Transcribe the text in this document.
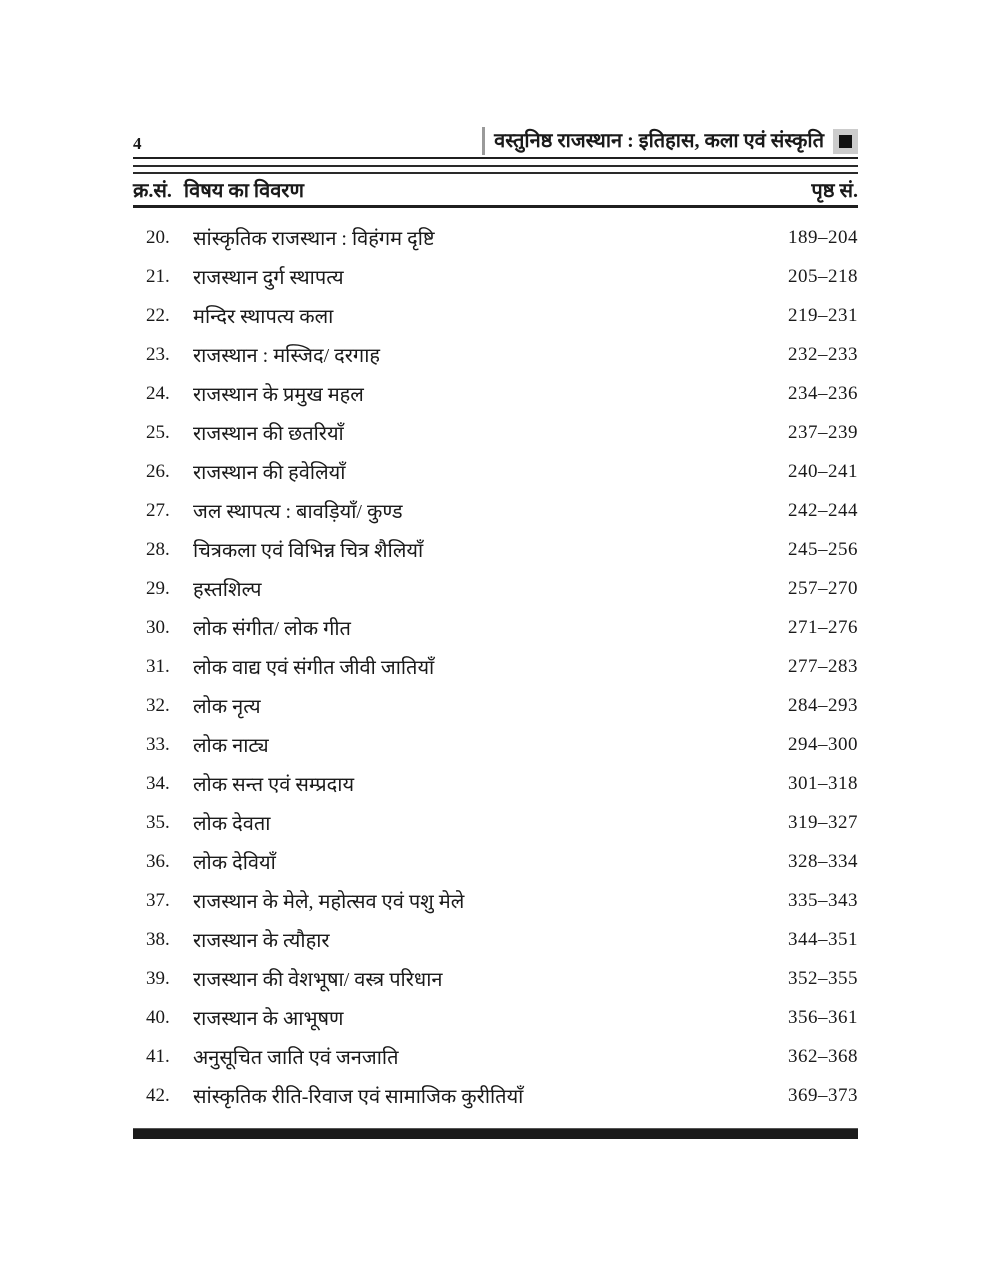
4	वस्तुनिष्ठ राजस्थान : इतिहास, कला एवं संस्कृति
क्र.सं. विषय का विवरण	पृष्ठ सं.
20.	सांस्कृतिक राजस्थान : विहंगम दृष्टि	189–204
21.	राजस्थान दुर्ग स्थापत्य	205–218
22.	मन्दिर स्थापत्य कला	219–231
23.	राजस्थान : मस्जिद/ दरगाह	232–233
24.	राजस्थान के प्रमुख महल	234–236
25.	राजस्थान की छतरियाँ	237–239
26.	राजस्थान की हवेलियाँ	240–241
27.	जल स्थापत्य : बावड़ियाँ/ कुण्ड	242–244
28.	चित्रकला एवं विभिन्न चित्र शैलियाँ	245–256
29.	हस्तशिल्प	257–270
30.	लोक संगीत/ लोक गीत	271–276
31.	लोक वाद्य एवं संगीत जीवी जातियाँ	277–283
32.	लोक नृत्य	284–293
33.	लोक नाट्य	294–300
34.	लोक सन्त एवं सम्प्रदाय	301–318
35.	लोक देवता	319–327
36.	लोक देवियाँ	328–334
37.	राजस्थान के मेले, महोत्सव एवं पशु मेले	335–343
38.	राजस्थान के त्यौहार	344–351
39.	राजस्थान की वेशभूषा/ वस्त्र परिधान	352–355
40.	राजस्थान के आभूषण	356–361
41.	अनुसूचित जाति एवं जनजाति	362–368
42.	सांस्कृतिक रीति-रिवाज एवं सामाजिक कुरीतियाँ	369–373
